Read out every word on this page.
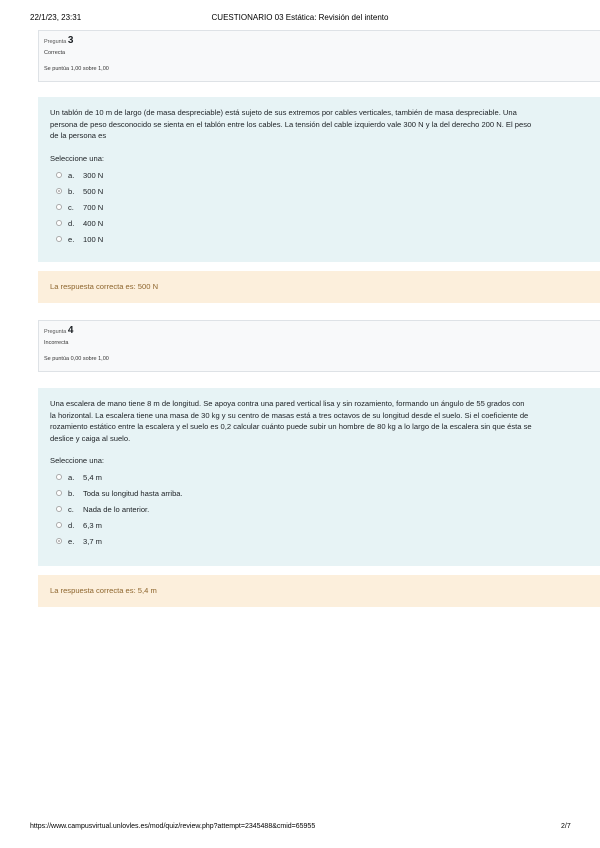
22/1/23, 23:31	CUESTIONARIO 03 Estática: Revisión del intento
Pregunta 3
Correcta
Se puntúa 1,00 sobre 1,00
Un tablón de 10 m de largo (de masa despreciable) está sujeto de sus extremos por cables verticales, también de masa despreciable. Una
persona de peso desconocido se sienta en el tablón entre los cables. La tensión del cable izquierdo vale 300 N y la del derecho 200 N. El peso
de la persona es
Seleccione una:
a. 300 N
b. 500 N
c. 700 N
d. 400 N
e. 100 N
La respuesta correcta es: 500 N
Pregunta 4
Incorrecta
Se puntúa 0,00 sobre 1,00
Una escalera de mano tiene 8 m de longitud. Se apoya contra una pared vertical lisa y sin rozamiento, formando un ángulo de 55 grados con
la horizontal. La escalera tiene una masa de 30 kg y su centro de masas está a tres octavos de su longitud desde el suelo. Si el coeficiente de
rozamiento estático entre la escalera y el suelo es 0,2 calcular cuánto puede subir un hombre de 80 kg a lo largo de la escalera sin que ésta se
deslice y caiga al suelo.
Seleccione una:
a. 5,4 m
b. Toda su longitud hasta arriba.
c. Nada de lo anterior.
d. 6,3 m
e. 3,7 m
La respuesta correcta es: 5,4 m
https://www.campusvirtual.unlovles.es/mod/quiz/review.php?attempt=2345488&cmid=65955	2/7
